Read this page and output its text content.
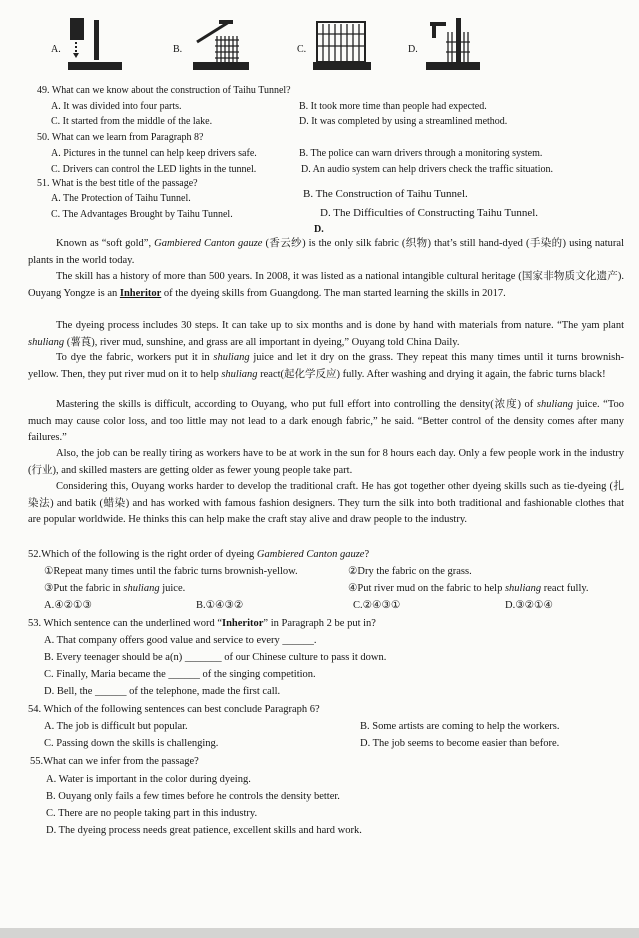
A.	B.	C.	D.
49. What can we know about the construction of Taihu Tunnel?
A. It was divided into four parts.	B. It took more time than people had expected.
C. It started from the middle of the lake.	D. It was completed by using a streamlined method.
50. What can we learn from Paragraph 8?
A. Pictures in the tunnel can help keep drivers safe.	B. The police can warn drivers through a monitoring system.
C. Drivers can control the LED lights in the tunnel.	D. An audio system can help drivers check the traffic situation.
51. What is the best title of the passage?
A. The Protection of Taihu Tunnel.	B. The Construction of Taihu Tunnel.
C. The Advantages Brought by Taihu Tunnel.	D. The Difficulties of Constructing Taihu Tunnel.
D.
Known as “soft gold”, Gambiered Canton gauze (香云纱) is the only silk fabric (织物) that’s still hand-dyed (手染的) using natural plants in the world today.
The skill has a history of more than 500 years. In 2008, it was listed as a national intangible cultural heritage (国家非物质文化遗产). Ouyang Yongze is an Inheritor of the dyeing skills from Guangdong. The man started learning the skills in 2017.
The dyeing process includes 30 steps. It can take up to six months and is done by hand with materials from nature. “The yam plant shuliang (薯莨), river mud, sunshine, and grass are all important in dyeing,” Ouyang told China Daily.
To dye the fabric, workers put it in shuliang juice and let it dry on the grass. They repeat this many times until it turns brownish-yellow. Then, they put river mud on it to help shuliang react(起化学反应) fully. After washing and drying it again, the fabric turns black!
Mastering the skills is difficult, according to Ouyang, who put full effort into controlling the density(浓度) of shuliang juice. “Too much may cause color loss, and too little may not lead to a dark enough fabric,” he said. “Better control of the density comes after many failures.”
Also, the job can be really tiring as workers have to be at work in the sun for 8 hours each day. Only a few people work in the industry (行业), and skilled masters are getting older as fewer young people take part.
Considering this, Ouyang works harder to develop the traditional craft. He has got together other dyeing skills such as tie-dyeing (扎染法) and batik (蜡染) and has worked with famous fashion designers. They turn the silk into both traditional and fashionable clothes that are popular worldwide. He thinks this can help make the craft stay alive and draw people to the industry.
52.Which of the following is the right order of dyeing Gambiered Canton gauze?
①Repeat many times until the fabric turns brownish-yellow.	②Dry the fabric on the grass.
③Put the fabric in shuliang juice.	④Put river mud on the fabric to help shuliang react fully.
A.④②①③	B.①④③②	C.②④③①	D.③②①④
53. Which sentence can the underlined word “Inheritor” in Paragraph 2 be put in?
A. That company offers good value and service to every ______.
B. Every teenager should be a(n) _______ of our Chinese culture to pass it down.
C. Finally, Maria became the ______ of the singing competition.
D. Bell, the ______ of the telephone, made the first call.
54. Which of the following sentences can best conclude Paragraph 6?
A. The job is difficult but popular.	B. Some artists are coming to help the workers.
C. Passing down the skills is challenging.	D. The job seems to become easier than before.
55.What can we infer from the passage?
A. Water is important in the color during dyeing.
B. Ouyang only fails a few times before he controls the density better.
C. There are no people taking part in this industry.
D. The dyeing process needs great patience, excellent skills and hard work.
